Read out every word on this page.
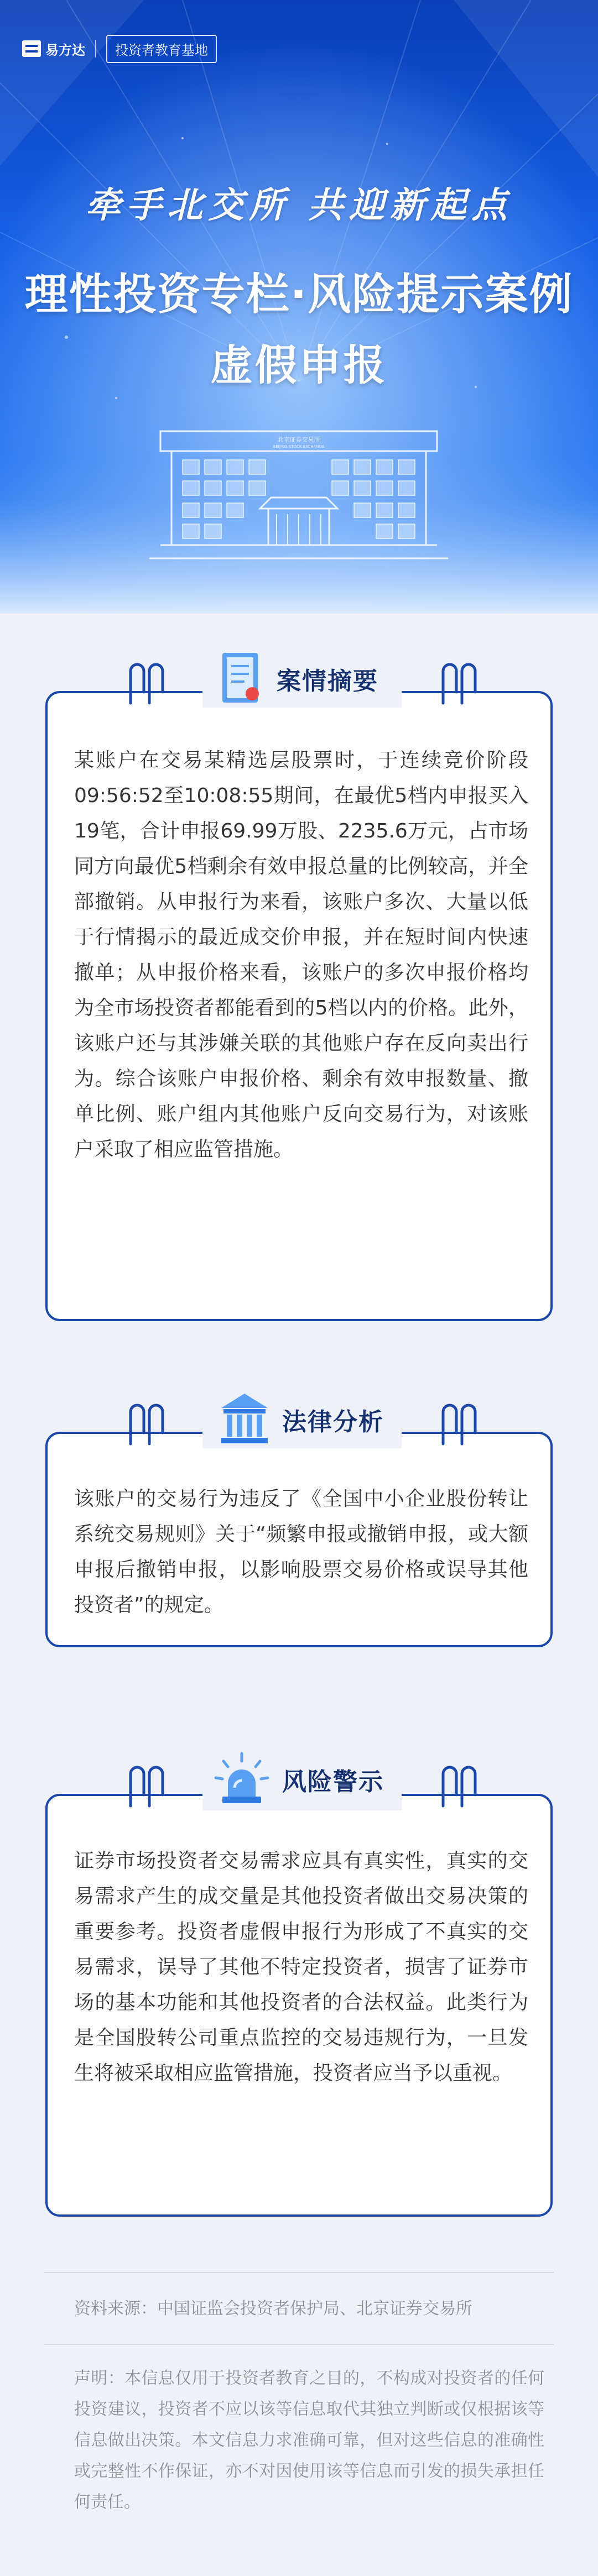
易方达	投资者教育基地
牵手北交所 共迎新起点
理性投资专栏·风险提示案例
虚假申报
北京证券交易所
BEIJING STOCK EXCHANGE
案情摘要
某账户在交易某精选层股票时，于连续竞价阶段09:56:52至10:08:55期间，在最优5档内申报买入19笔，合计申报69.99万股、2235.6万元，占市场同方向最优5档剩余有效申报总量的比例较高，并全部撤销。从申报行为来看，该账户多次、大量以低于行情揭示的最近成交价申报，并在短时间内快速撤单；从申报价格来看，该账户的多次申报价格均为全市场投资者都能看到的5档以内的价格。此外，该账户还与其涉嫌关联的其他账户存在反向卖出行为。综合该账户申报价格、剩余有效申报数量、撤单比例、账户组内其他账户反向交易行为，对该账户采取了相应监管措施。
法律分析
该账户的交易行为违反了《全国中小企业股份转让系统交易规则》关于“频繁申报或撤销申报，或大额申报后撤销申报，以影响股票交易价格或误导其他投资者”的规定。
风险警示
证券市场投资者交易需求应具有真实性，真实的交易需求产生的成交量是其他投资者做出交易决策的重要参考。投资者虚假申报行为形成了不真实的交易需求，误导了其他不特定投资者，损害了证券市场的基本功能和其他投资者的合法权益。此类行为是全国股转公司重点监控的交易违规行为，一旦发生将被采取相应监管措施，投资者应当予以重视。
资料来源：中国证监会投资者保护局、北京证券交易所
声明：本信息仅用于投资者教育之目的，不构成对投资者的任何投资建议，投资者不应以该等信息取代其独立判断或仅根据该等信息做出决策。本文信息力求准确可靠，但对这些信息的准确性或完整性不作保证，亦不对因使用该等信息而引发的损失承担任何责任。
